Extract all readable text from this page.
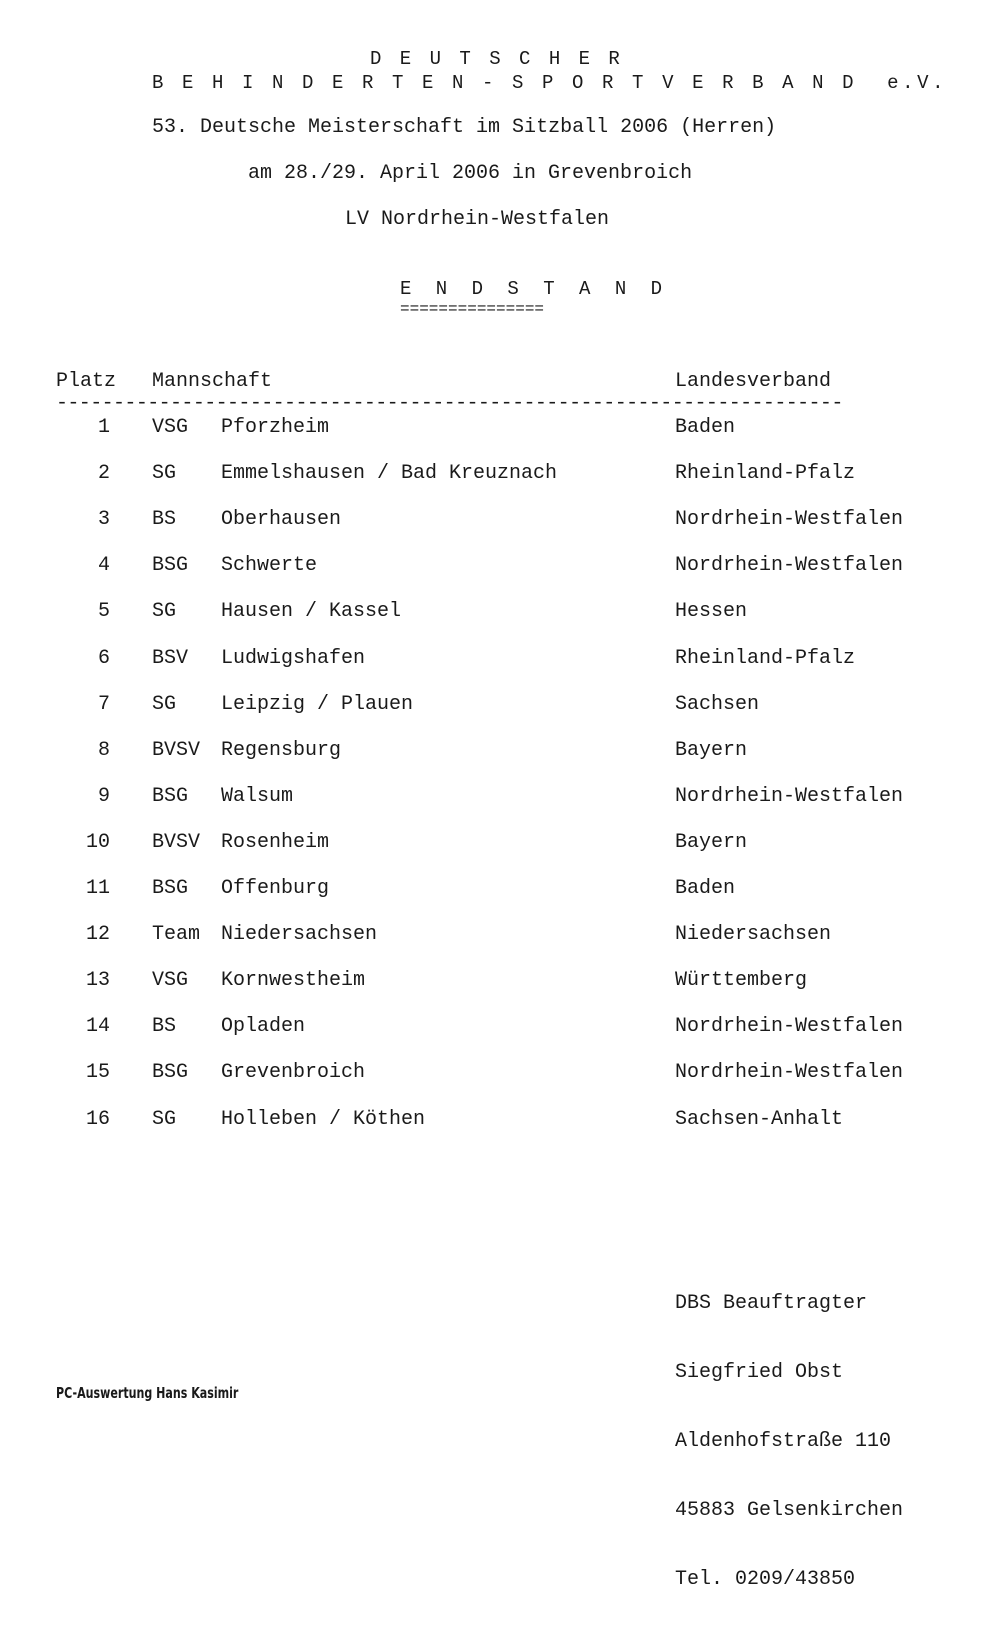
D E U T S C H E R
B E H I N D E R T E N - S P O R T V E R B A N D  e.V.
53. Deutsche Meisterschaft im Sitzball 2006 (Herren)
am 28./29. April 2006 in Grevenbroich
LV Nordrhein-Westfalen
E N D S T A N D
===============
Platz Mannschaft	Landesverband
---------------------------------------------------------------------
1 VSG Pforzheim	Baden
2 SG Emmelshausen / Bad Kreuznach	Rheinland-Pfalz
3 BS Oberhausen	Nordrhein-Westfalen
4 BSG Schwerte	Nordrhein-Westfalen
5 SG Hausen / Kassel	Hessen
6 BSV Ludwigshafen	Rheinland-Pfalz
7 SG Leipzig / Plauen	Sachsen
8 BVSV Regensburg	Bayern
9 BSG Walsum	Nordrhein-Westfalen
10 BVSV Rosenheim	Bayern
11 BSG Offenburg	Baden
12 Team Niedersachsen	Niedersachsen
13 VSG Kornwestheim	Württemberg
14 BS Opladen	Nordrhein-Westfalen
15 BSG Grevenbroich	Nordrhein-Westfalen
16 SG Holleben / Köthen	Sachsen-Anhalt

DBS Beauftragter

Siegfried Obst

Aldenhofstraße 110

45883 Gelsenkirchen

Tel. 0209/43850

PC-Auswertung Hans Kasimir
